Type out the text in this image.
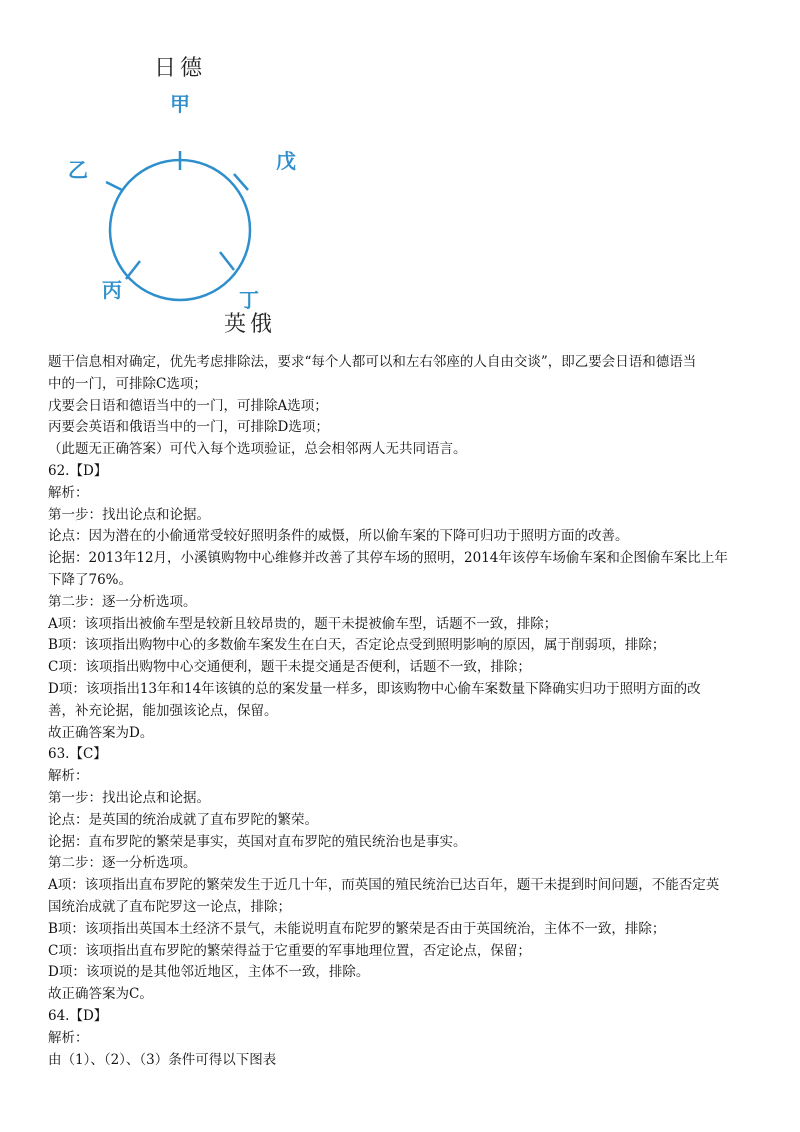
日德
甲
戊
乙
丙	丁
英俄

题干信息相对确定，优先考虑排除法，要求“每个人都可以和左右邻座的人自由交谈”，即乙要会日语和德语当

中的一门，可排除C选项；

戊要会日语和德语当中的一门，可排除A选项；

丙要会英语和俄语当中的一门，可排除D选项；

（此题无正确答案）可代入每个选项验证，总会相邻两人无共同语言。

62.【D】

解析：

第一步：找出论点和论据。

论点：因为潜在的小偷通常受较好照明条件的威慑，所以偷车案的下降可归功于照明方面的改善。

论据：2013年12月，小溪镇购物中心维修并改善了其停车场的照明，2014年该停车场偷车案和企图偷车案比上年

下降了76%。

第二步：逐一分析选项。

A项：该项指出被偷车型是较新且较昂贵的，题干未提被偷车型，话题不一致，排除；

B项：该项指出购物中心的多数偷车案发生在白天，否定论点受到照明影响的原因，属于削弱项，排除；

C项：该项指出购物中心交通便利，题干未提交通是否便利，话题不一致，排除；

D项：该项指出13年和14年该镇的总的案发量一样多，即该购物中心偷车案数量下降确实归功于照明方面的改

善，补充论据，能加强该论点，保留。

故正确答案为D。

63.【C】

解析：

第一步：找出论点和论据。

论点：是英国的统治成就了直布罗陀的繁荣。

论据：直布罗陀的繁荣是事实，英国对直布罗陀的殖民统治也是事实。

第二步：逐一分析选项。

A项：该项指出直布罗陀的繁荣发生于近几十年，而英国的殖民统治已达百年，题干未提到时间问题，不能否定英

国统治成就了直布陀罗这一论点，排除；

B项：该项指出英国本土经济不景气，未能说明直布陀罗的繁荣是否由于英国统治，主体不一致，排除；

C项：该项指出直布罗陀的繁荣得益于它重要的军事地理位置，否定论点，保留；

D项：该项说的是其他邻近地区，主体不一致，排除。

故正确答案为C。

64.【D】

解析：

由（1）、（2）、（3）条件可得以下图表
